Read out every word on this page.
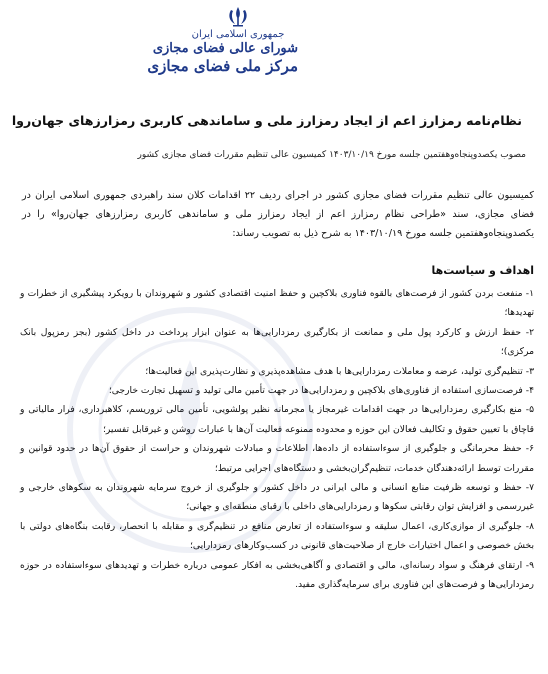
جمهوری اسلامی ایران
شورای عالی فضای مجازی
مرکز ملی فضای مجازی
نظام‌نامه رمزارز اعم از ایجاد رمزارز ملی و ساماندهی کاربری رمزارزهای جهان‌روا
مصوب یکصدوپنجاه‌وهفتمین جلسه مورخ ۱۴۰۳/۱۰/۱۹ کمیسیون عالی تنظیم مقررات فضای مجازی کشور
کمیسیون عالی تنظیم مقررات فضای مجازی کشور در اجرای ردیف ۲۲ اقدامات کلان سند راهبردی جمهوری اسلامی ایران در فضای مجازی، سند «طراحی نظام رمزارز اعم از ایجاد رمزارز ملی و ساماندهی کاربری رمزارزهای جهان‌روا» را در یکصدوپنجاه‌وهفتمین جلسه مورخ ۱۴۰۳/۱۰/۱۹ به شرح ذیل به تصویب رساند:
اهداف و سیاست‌ها
۱- منفعت بردن کشور از فرصت‌های بالقوه فناوری بلاکچین و حفظ امنیت اقتصادی کشور و شهروندان با رویکرد پیشگیری از خطرات و تهدیدها؛
۲- حفظ ارزش و کارکرد پول ملی و ممانعت از بکارگیری رمزدارایی‌ها به عنوان ابزار پرداخت در داخل کشور (بجز رمزپول بانک مرکزی)؛
۳- تنظیم‌گری تولید، عرضه و معاملات رمزدارایی‌ها با هدف مشاهده‌پذیری و نظارت‌پذیری این فعالیت‌ها؛
۴- فرصت‌سازی استفاده از فناوری‌های بلاکچین و رمزدارایی‌ها در جهت تأمین مالی تولید و تسهیل تجارت خارجی؛
۵- منع بکارگیری رمزدارایی‌ها در جهت اقدامات غیرمجاز یا مجرمانه نظیر پولشویی، تأمین مالی تروریسم، کلاهبرداری، فرار مالیاتی و قاچاق با تعیین حقوق و تکالیف فعالان این حوزه و محدوده ممنوعه فعالیت آن‌ها با عبارات روشن و غیرقابل تفسیر؛
۶- حفظ محرمانگی و جلوگیری از سوءاستفاده از داده‌ها، اطلاعات و مبادلات شهروندان و حراست از حقوق آن‌ها در حدود قوانین و مقررات توسط ارائه‌دهندگان خدمات، تنظیم‌گران‌بخشی و دستگاه‌های اجرایی مرتبط؛
۷- حفظ و توسعه ظرفیت منابع انسانی و مالی ایرانی در داخل کشور و جلوگیری از خروج سرمایه شهروندان به سکوهای خارجی و غیررسمی و افزایش توان رقابتی سکوها و رمزدارایی‌های داخلی با رقبای منطقه‌ای و جهانی؛
۸- جلوگیری از موازی‌کاری، اعمال سلیقه و سوءاستفاده از تعارض منافع در تنظیم‌گری و مقابله با انحصار، رقابت بنگاه‌های دولتی با بخش خصوصی و اعمال اختیارات خارج از صلاحیت‌های قانونی در کسب‌وکارهای رمزدارایی؛
۹- ارتقای فرهنگ و سواد رسانه‌ای، مالی و اقتصادی و آگاهی‌بخشی به افکار عمومی درباره خطرات و تهدیدهای سوءاستفاده در حوزه رمزدارایی‌ها و فرصت‌های این فناوری برای سرمایه‌گذاری مفید.
